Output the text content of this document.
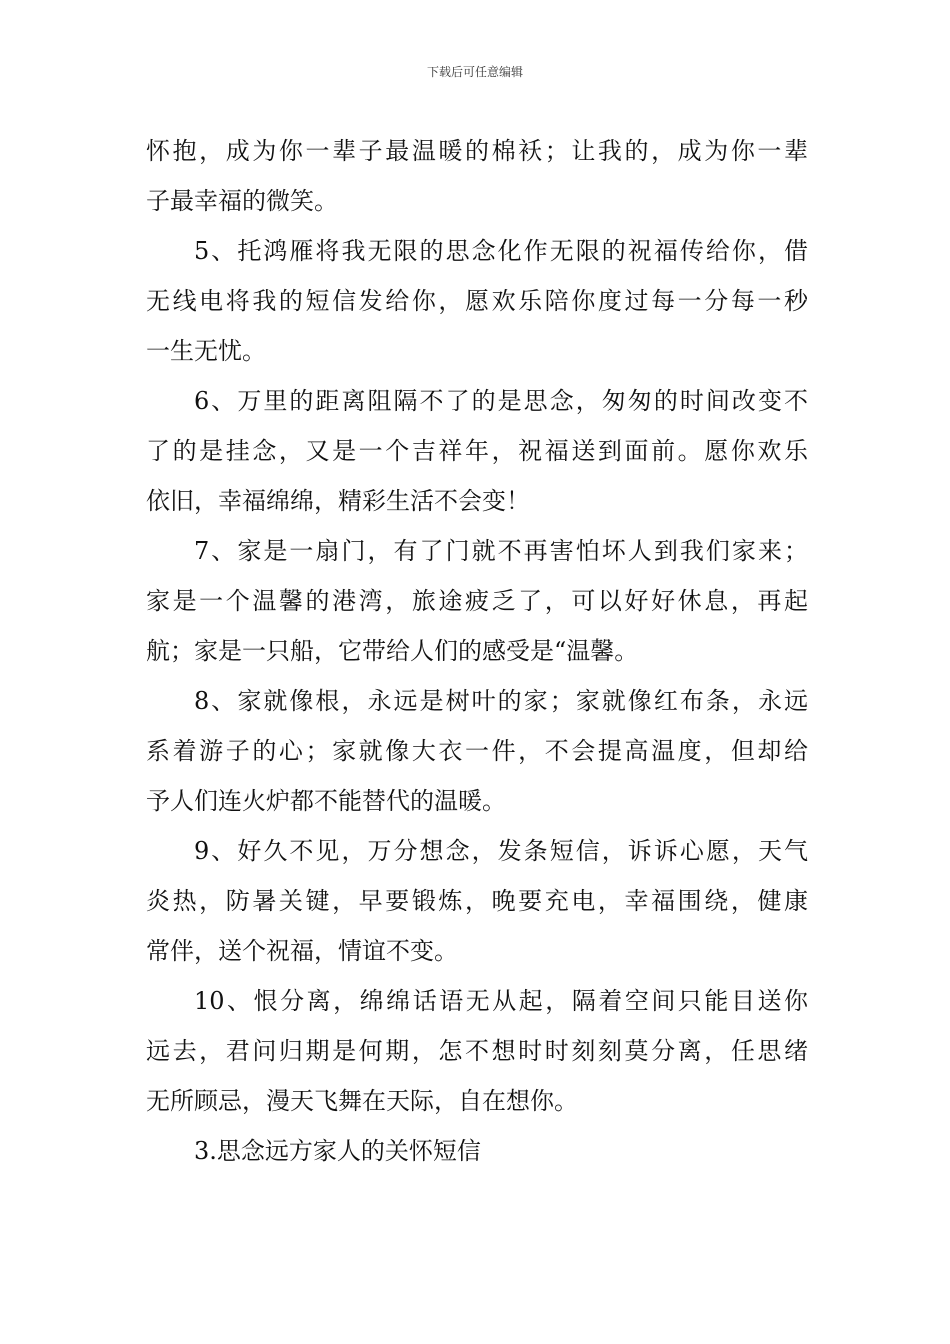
下载后可任意编辑
怀抱，成为你一辈子最温暖的棉袄；让我的，成为你一辈
子最幸福的微笑。
5、托鸿雁将我无限的思念化作无限的祝福传给你，借
无线电将我的短信发给你，愿欢乐陪你度过每一分每一秒
一生无忧。
6、万里的距离阻隔不了的是思念，匆匆的时间改变不
了的是挂念，又是一个吉祥年，祝福送到面前。愿你欢乐
依旧，幸福绵绵，精彩生活不会变！
7、家是一扇门，有了门就不再害怕坏人到我们家来；
家是一个温馨的港湾，旅途疲乏了，可以好好休息，再起
航；家是一只船，它带给人们的感受是“温馨。
8、家就像根，永远是树叶的家；家就像红布条，永远
系着游子的心；家就像大衣一件，不会提高温度，但却给
予人们连火炉都不能替代的温暖。
9、好久不见，万分想念，发条短信，诉诉心愿，天气
炎热，防暑关键，早要锻炼，晚要充电，幸福围绕，健康
常伴，送个祝福，情谊不变。
10、恨分离，绵绵话语无从起，隔着空间只能目送你
远去，君问归期是何期，怎不想时时刻刻莫分离，任思绪
无所顾忌，漫天飞舞在天际，自在想你。
3.思念远方家人的关怀短信
